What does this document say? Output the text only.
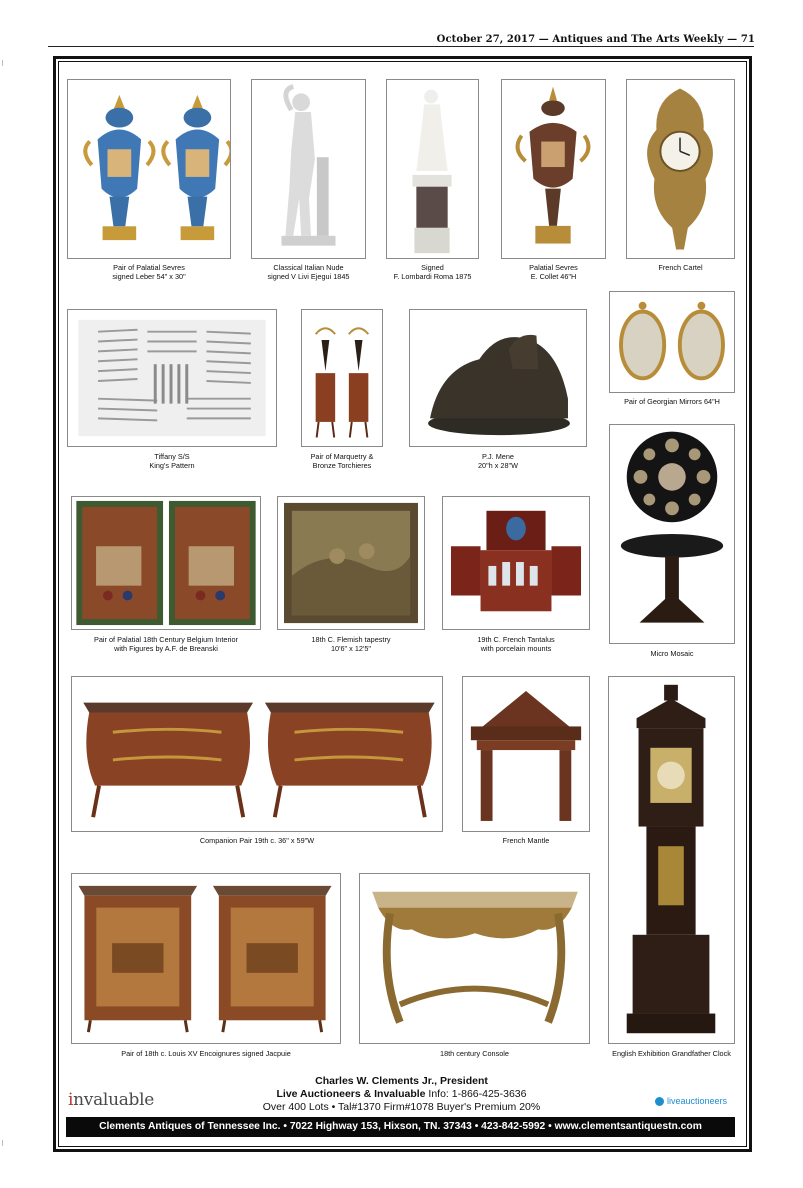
October 27, 2017 — Antiques and The Arts Weekly — 71
Pair of Palatial Sevres
signed Leber 54" x 30"
Classical Italian Nude
signed V Livi Ejegui 1845
Signed
F. Lombardi Roma 1875
Palatial Sevres
E. Collet 46"H
French Cartel
Tiffany S/S
King's Pattern
Pair of Marquetry &
Bronze Torchieres
P.J. Mene
20"h x 28"W
Pair of Georgian Mirrors 64"H
Pair of Palatial 18th Century Belgium Interior
with Figures by A.F. de Breanski
18th C. Flemish tapestry
10'6" x 12'5"
19th C. French Tantalus
with porcelain mounts
Micro Mosaic
Companion Pair 19th c. 36" x 59"W	French Mantle
English Exhibition Grandfather Clock
Pair of 18th c. Louis XV Encoignures signed Jacpuie	18th century Console
Charles W. Clements Jr., President
Live Auctioneers & Invaluable Info: 1-866-425-3636
Over 400 Lots • Tal#1370 Firm#1078 Buyer's Premium 20%
invaluable	liveauctioneers
Clements Antiques of Tennessee Inc. • 7022 Highway 153, Hixson, TN. 37343 • 423-842-5992 • www.clementsantiquestn.com
